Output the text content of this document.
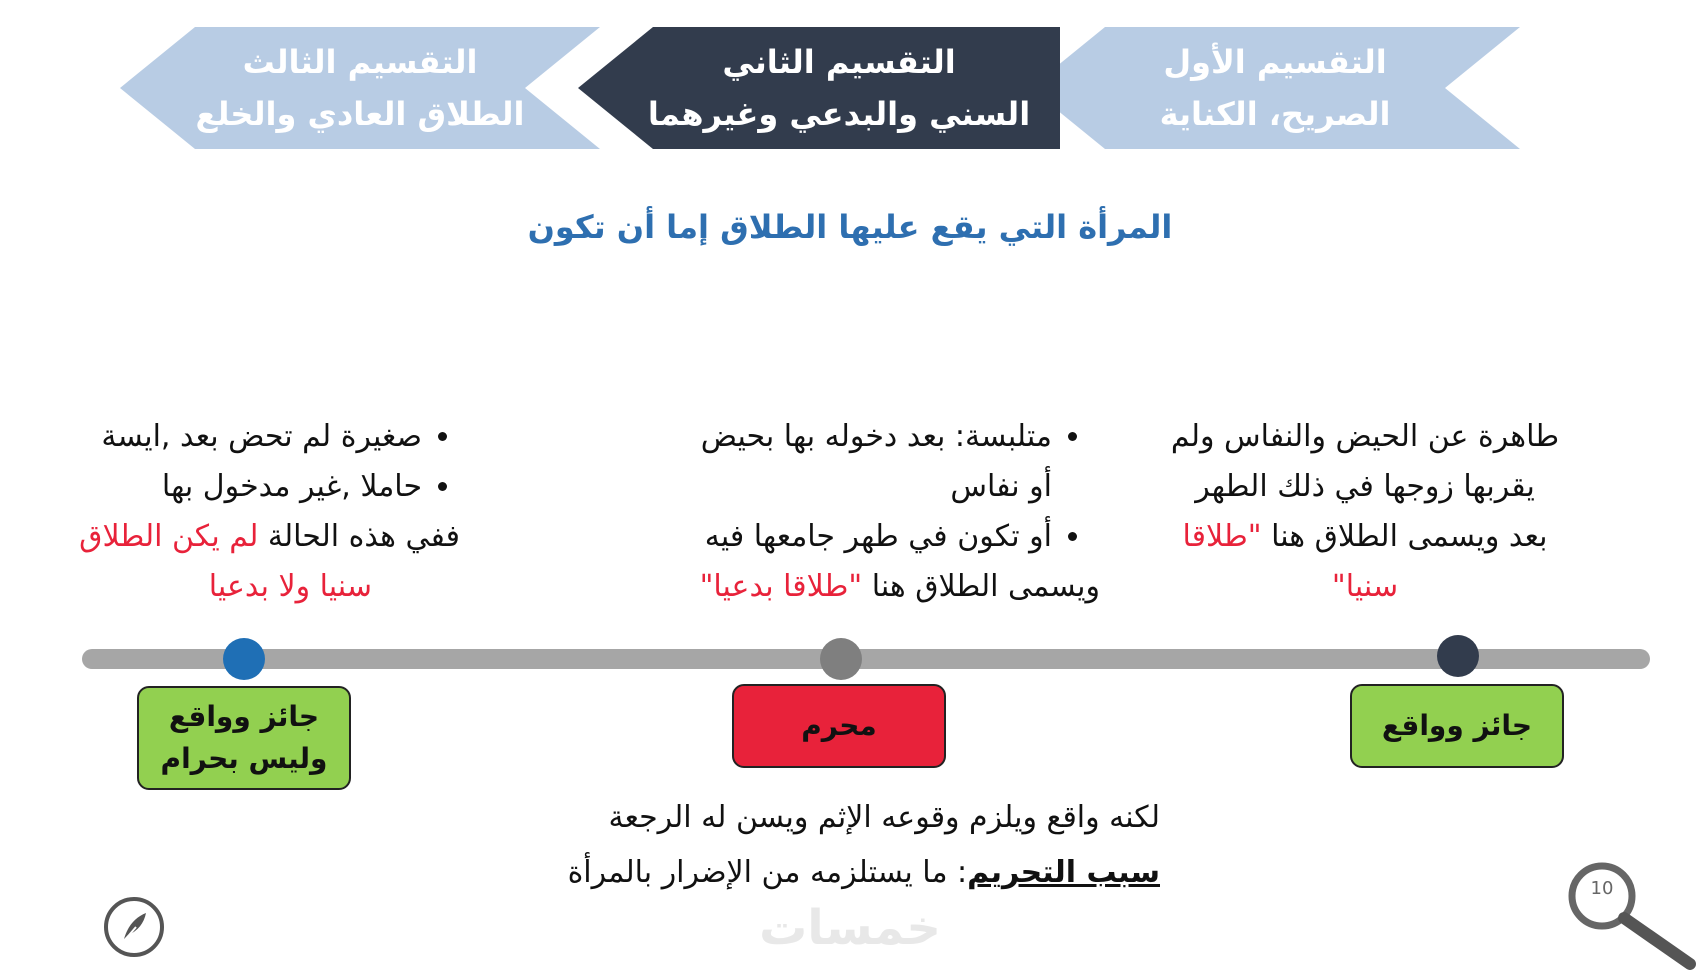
التقسيم الأول
الصريح، الكناية
التقسيم الثاني
السني والبدعي وغيرهما
التقسيم الثالث
الطلاق العادي والخلع
المرأة التي يقع عليها الطلاق إما أن تكون
طاهرة عن الحيض والنفاس ولم
يقربها زوجها في ذلك الطهر
بعد ويسمى الطلاق هنا "طلاقا
سنيا"
• متلبسة: بعد دخوله بها بحيض
أو نفاس
• أو تكون في طهر جامعها فيه
ويسمى الطلاق هنا "طلاقا بدعيا"
• صغيرة لم تحض بعد ,ايسة
• حاملا ,غير مدخول بها
ففي هذه الحالة لم يكن الطلاق
سنيا ولا بدعيا
جائز وواقع
محرم
جائز وواقع
وليس بحرام
لكنه واقع ويلزم وقوعه الإثم ويسن له الرجعة
سبب التحريم: ما يستلزمه من الإضرار بالمرأة
خمسات
10
